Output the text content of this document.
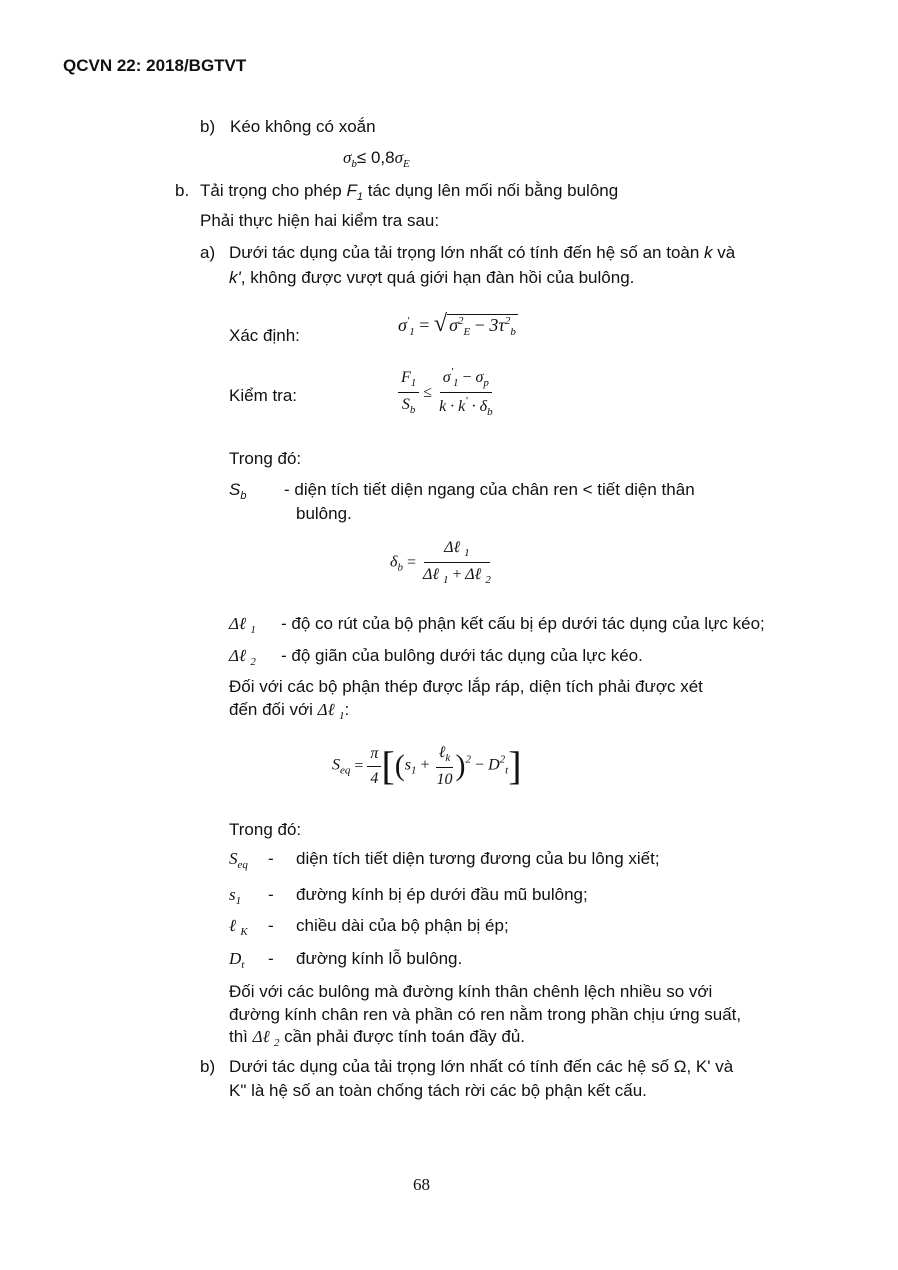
QCVN 22: 2018/BGTVT
b) Kéo không có xoắn
$\sigma_b\le 0,8\sigma_E$
b. Tải trọng cho phép $F_1$ tác dụng lên mối nối bằng bulông
Phải thực hiện hai kiểm tra sau:
a) Dưới tác dụng của tải trọng lớn nhất có tính đến hệ số an toàn k và
k', không được vượt quá giới hạn đàn hồi của bulông.
Xác định:
$\sigma'_1$ = √ $\sigma^2_E - 3\tau^2_b$
Kiểm tra:	$\frac{F_1}{S_b} \le \frac{\sigma'_1 - \sigma_p}{k \cdot k' \cdot \delta_b}$
Trong đó:
$S_b$ - diện tích tiết diện ngang của chân ren < tiết diện thân
bulông.
$\delta_b = \frac{\Delta\ell _1}{\Delta\ell _1 + \Delta\ell _2}$
Δℓ $_1$ - độ co rút của bộ phận kết cấu bị ép dưới tác dụng của lực kéo;
Δℓ $_2$ - độ giãn của bulông dưới tác dụng của lực kéo.
Đối với các bộ phận thép được lắp ráp, diện tích phải được xét
đến đối với Δℓ $_1$:
$S_{eq} = \frac{\pi}{4} [(s_1 + \frac{\ell_k}{10} )^2 - D^2_t]$
Trong đó:
$S_{eq}$ - diện tích tiết diện tương đương của bu lông xiết;
$s_1$ - đường kính bị ép dưới đầu mũ bulông;
ℓ $_K$ - chiều dài của bộ phận bị ép;
$D_t$ - đường kính lỗ bulông.
Đối với các bulông mà đường kính thân chênh lệch nhiều so với
đường kính chân ren và phần có ren nằm trong phần chịu ứng suất,
thì Δℓ $_2$ cần phải được tính toán đầy đủ.
b) Dưới tác dụng của tải trọng lớn nhất có tính đến các hệ số Ω, K' và
K" là hệ số an toàn chống tách rời các bộ phận kết cấu.
68
